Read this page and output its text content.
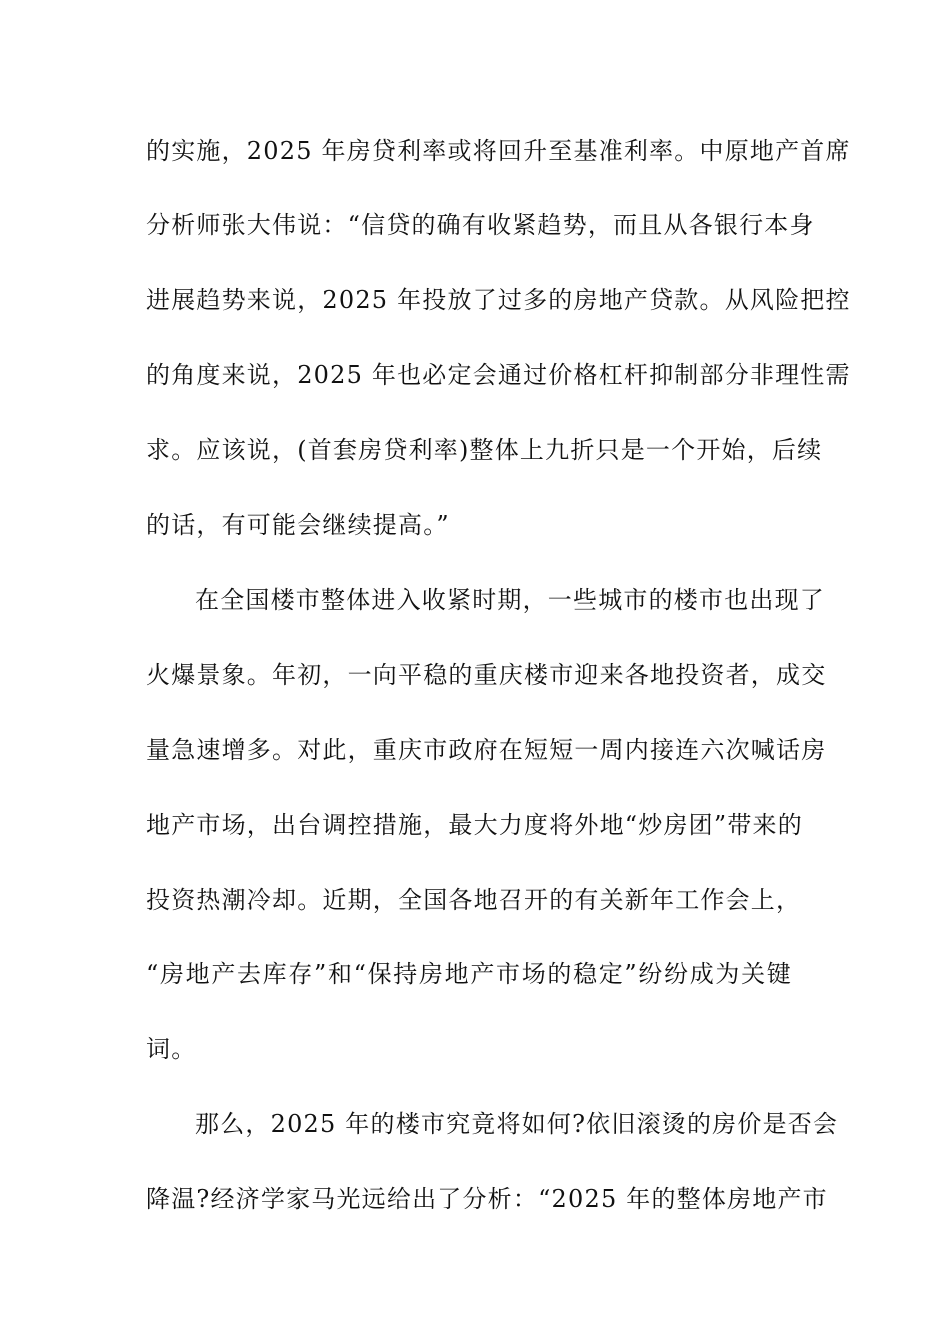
的实施，2025 年房贷利率或将回升至基准利率。中原地产首席
分析师张大伟说：“信贷的确有收紧趋势，而且从各银行本身
进展趋势来说，2025 年投放了过多的房地产贷款。从风险把控
的角度来说，2025 年也必定会通过价格杠杆抑制部分非理性需
求。应该说，(首套房贷利率)整体上九折只是一个开始，后续
的话，有可能会继续提高。”
在全国楼市整体进入收紧时期，一些城市的楼市也出现了
火爆景象。年初，一向平稳的重庆楼市迎来各地投资者，成交
量急速增多。对此，重庆市政府在短短一周内接连六次喊话房
地产市场，出台调控措施，最大力度将外地“炒房团”带来的
投资热潮冷却。近期，全国各地召开的有关新年工作会上，
“房地产去库存”和“保持房地产市场的稳定”纷纷成为关键
词。
那么，2025 年的楼市究竟将如何?依旧滚烫的房价是否会
降温?经济学家马光远给出了分析：“2025 年的整体房地产市
